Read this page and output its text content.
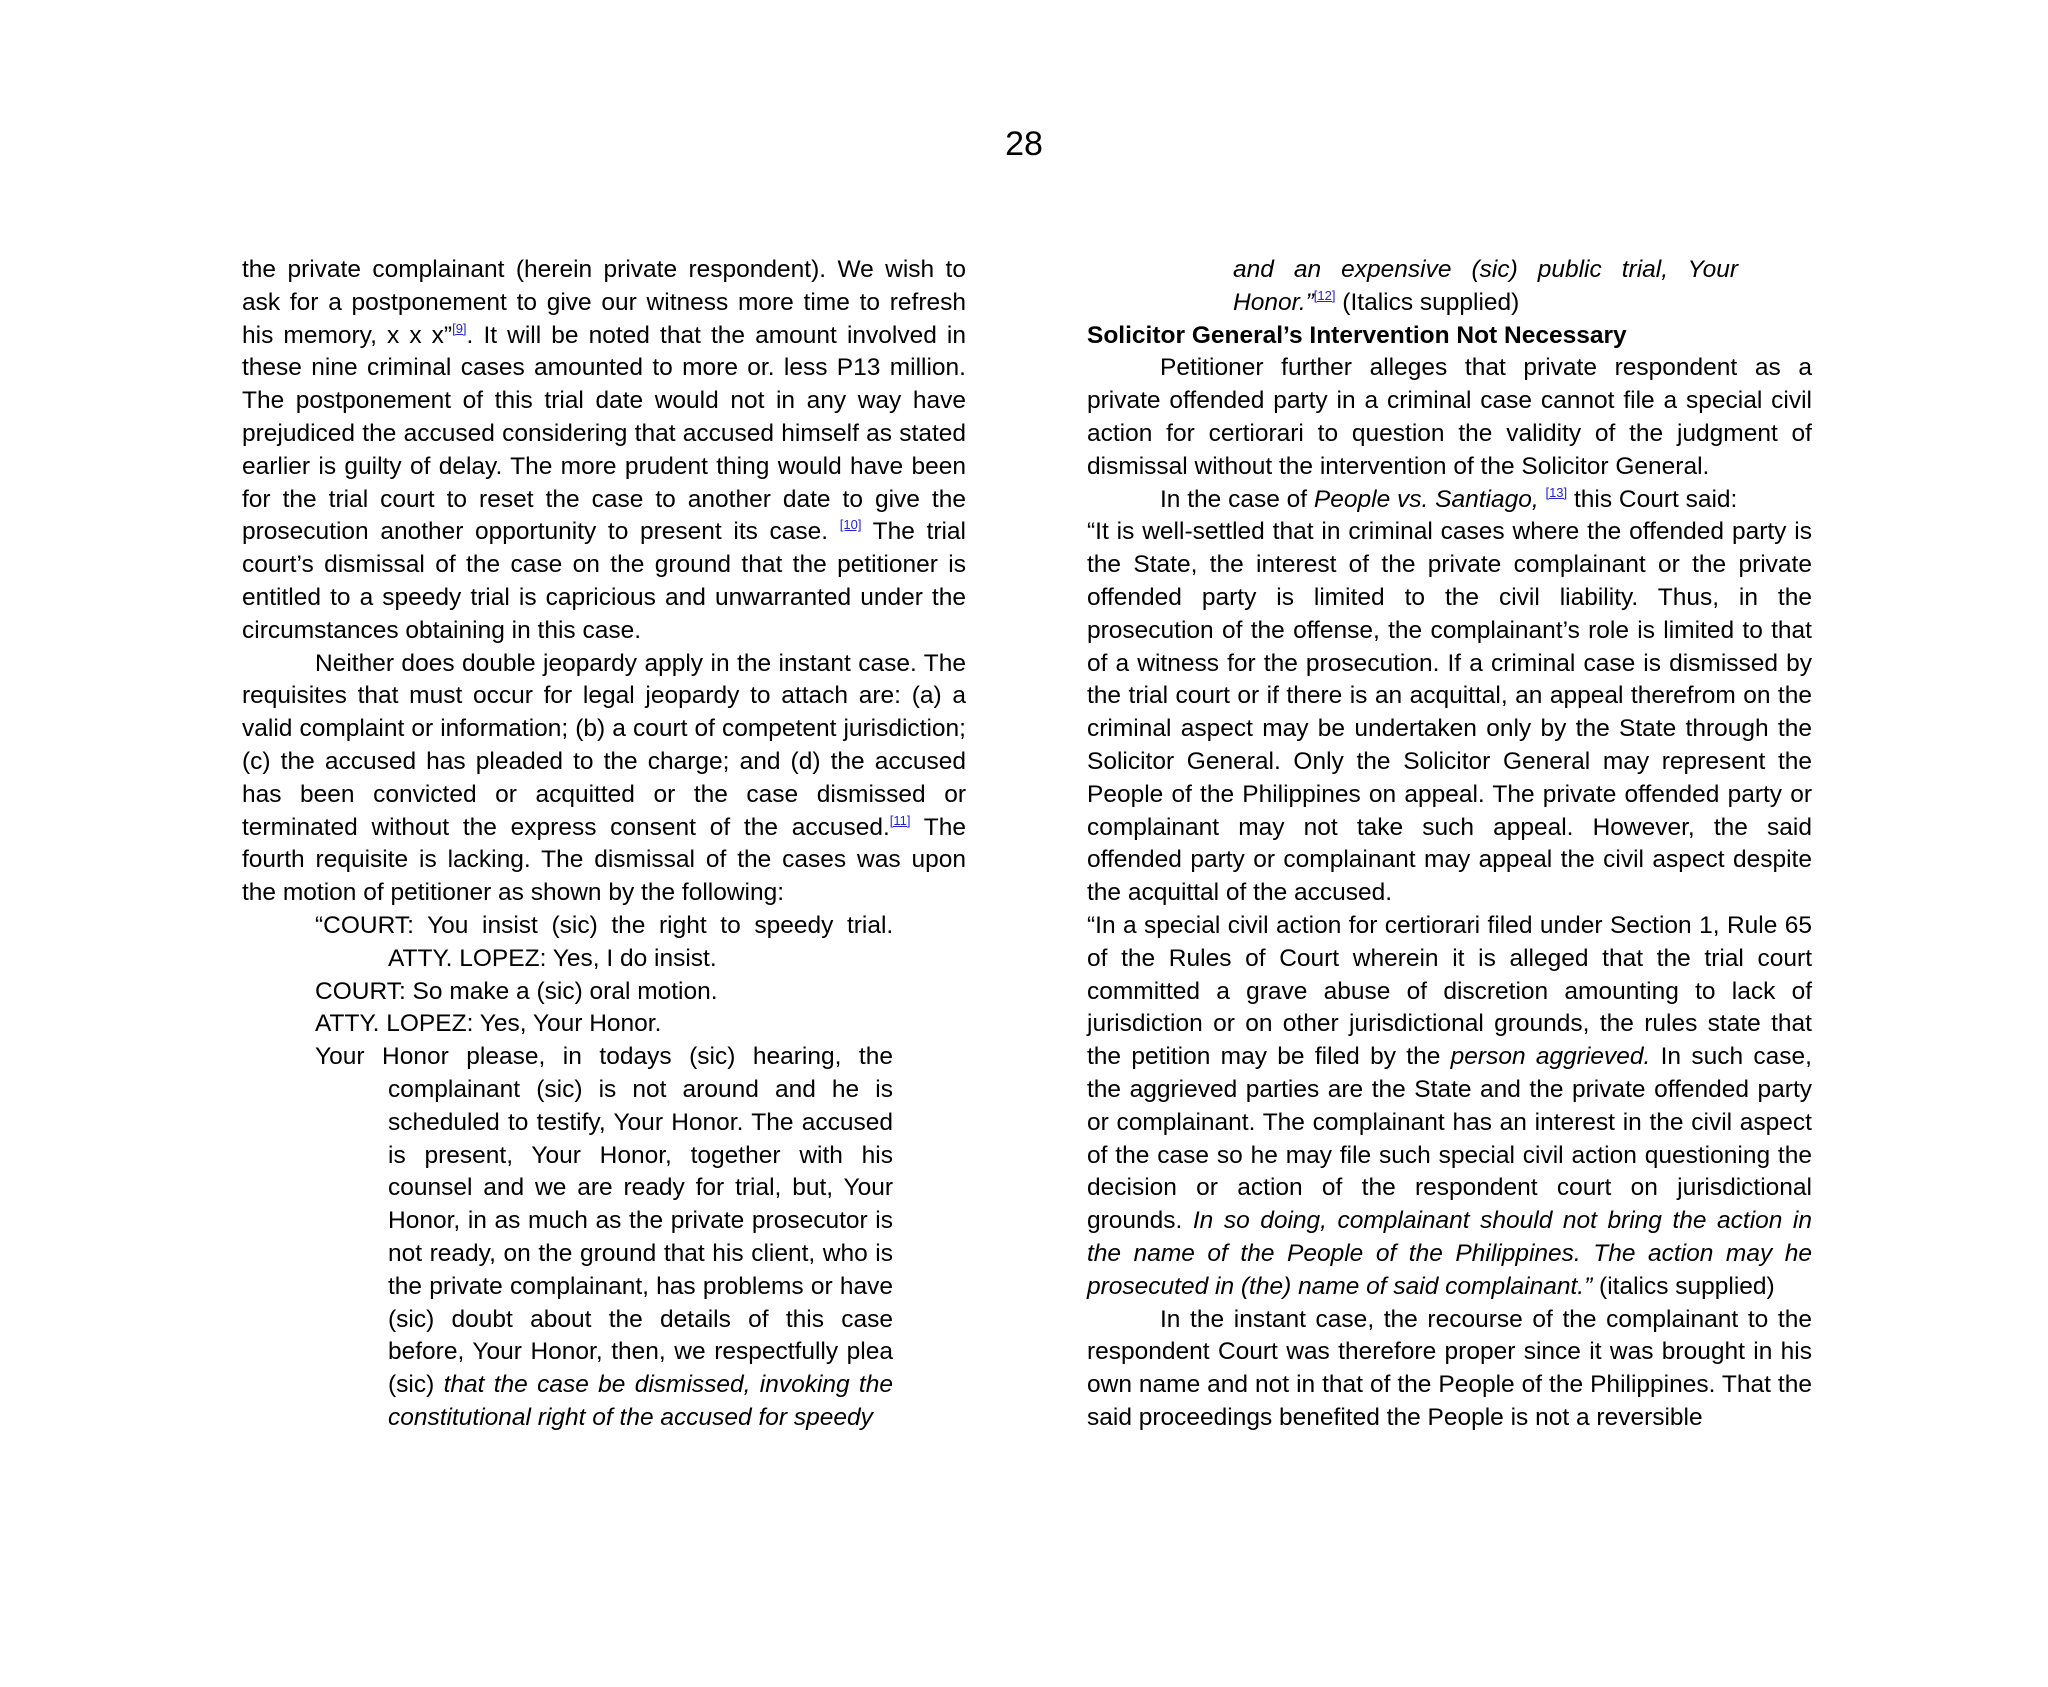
28

the private complainant (herein private respondent). We wish to ask for a postponement to give our witness more time to refresh his memory, x x x”[9]. It will be noted that the amount involved in these nine criminal cases amounted to more or. less P13 million. The postponement of this trial date would not in any way have prejudiced the accused considering that accused himself as stated earlier is guilty of delay. The more prudent thing would have been for the trial court to reset the case to another date to give the prosecution another opportunity to present its case. [10] The trial court’s dismissal of the case on the ground that the petitioner is entitled to a speedy trial is capricious and unwarranted under the circumstances obtaining in this case.

Neither does double jeopardy apply in the instant case. The requisites that must occur for legal jeopardy to attach are: (a) a valid complaint or information; (b) a court of competent jurisdiction; (c) the accused has pleaded to the charge; and (d) the accused has been convicted or acquitted or the case dismissed or terminated without the express consent of the accused.[11] The fourth requisite is lacking. The dismissal of the cases was upon the motion of petitioner as shown by the following:

“COURT:  You  insist  (sic)  the  right  to  speedy  trial.

ATTY. LOPEZ: Yes, I do insist.

COURT: So make a (sic) oral motion.

ATTY. LOPEZ: Yes, Your Honor.

Your Honor please, in todays (sic) hearing, the complainant (sic) is not around and he is scheduled to testify, Your Honor. The accused is present, Your Honor, together with his counsel and we are ready for trial, but, Your Honor, in as much as the private prosecutor is not ready, on the ground that his client, who is the private complainant, has problems or have (sic) doubt about the details of this case before, Your Honor, then, we respectfully plea (sic) that the case be dismissed, invoking the constitutional right of the accused for speedy

and an expensive (sic) public trial, Your Honor.”[12] (Italics supplied)

Solicitor General’s Intervention Not Necessary

Petitioner further alleges that private respondent as a private offended party in a criminal case cannot file a special civil action for certiorari to question the validity of the judgment of dismissal without the intervention of the Solicitor General.

In the case of People vs. Santiago, [13] this Court said:

“It is well-settled that in criminal cases where the offended party is the State, the interest of the private complainant or the private offended party is limited to the civil liability. Thus, in the prosecution of the offense, the complainant’s role is limited to that of a witness for the prosecution. If a criminal case is dismissed by the trial court or if there is an acquittal, an appeal therefrom on the criminal aspect may be undertaken only by the State through the Solicitor General. Only the Solicitor General may represent the People of the Philippines on appeal. The private offended party or complainant may not take such appeal. However, the said offended party or complainant may appeal the civil aspect despite the acquittal of the accused.

“In a special civil action for certiorari filed under Section 1, Rule 65 of the Rules of Court wherein it is alleged that the trial court committed a grave abuse of discretion amounting to lack of jurisdiction or on other jurisdictional grounds, the rules state that the petition may be filed by the person aggrieved. In such case, the aggrieved parties are the State and the private offended party or complainant. The complainant has an interest in the civil aspect of the case so he may file such special civil action questioning the decision or action of the respondent court on jurisdictional grounds. In so doing, complainant should not bring the action in the name of the People of the Philippines. The action may he prosecuted in (the) name of said complainant.” (italics supplied)

In the instant case, the recourse of the complainant to the respondent Court was therefore proper since it was brought in his own name and not in that of the People of the Philippines. That the said proceedings benefited the People is not a reversible
